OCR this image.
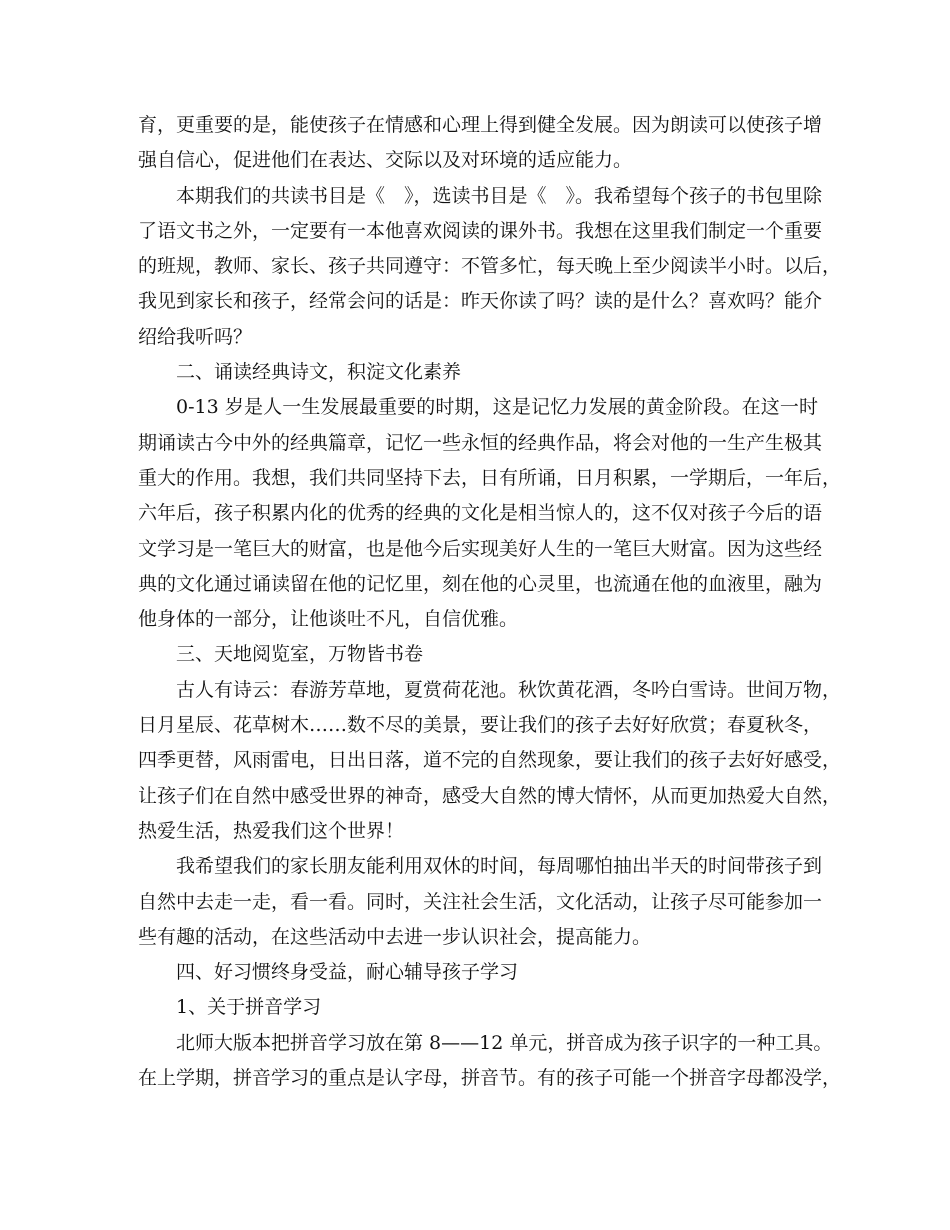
育，更重要的是，能使孩子在情感和心理上得到健全发展。因为朗读可以使孩子增
强自信心，促进他们在表达、交际以及对环境的适应能力。
本期我们的共读书目是《　》，选读书目是《　》。我希望每个孩子的书包里除
了语文书之外，一定要有一本他喜欢阅读的课外书。我想在这里我们制定一个重要
的班规，教师、家长、孩子共同遵守：不管多忙，每天晚上至少阅读半小时。以后，
我见到家长和孩子，经常会问的话是：昨天你读了吗？读的是什么？喜欢吗？能介
绍给我听吗？
二、诵读经典诗文，积淀文化素养
0-13 岁是人一生发展最重要的时期，这是记忆力发展的黄金阶段。在这一时
期诵读古今中外的经典篇章，记忆一些永恒的经典作品，将会对他的一生产生极其
重大的作用。我想，我们共同坚持下去，日有所诵，日月积累，一学期后，一年后，
六年后，孩子积累内化的优秀的经典的文化是相当惊人的，这不仅对孩子今后的语
文学习是一笔巨大的财富，也是他今后实现美好人生的一笔巨大财富。因为这些经
典的文化通过诵读留在他的记忆里，刻在他的心灵里，也流通在他的血液里，融为
他身体的一部分，让他谈吐不凡，自信优雅。
三、天地阅览室，万物皆书卷
古人有诗云：春游芳草地，夏赏荷花池。秋饮黄花酒，冬吟白雪诗。世间万物，
日月星辰、花草树木……数不尽的美景，要让我们的孩子去好好欣赏；春夏秋冬，
四季更替，风雨雷电，日出日落，道不完的自然现象，要让我们的孩子去好好感受，
让孩子们在自然中感受世界的神奇，感受大自然的博大情怀，从而更加热爱大自然，
热爱生活，热爱我们这个世界！
我希望我们的家长朋友能利用双休的时间，每周哪怕抽出半天的时间带孩子到
自然中去走一走，看一看。同时，关注社会生活，文化活动，让孩子尽可能参加一
些有趣的活动，在这些活动中去进一步认识社会，提高能力。
四、好习惯终身受益，耐心辅导孩子学习
1、关于拼音学习
北师大版本把拼音学习放在第 8——12 单元，拼音成为孩子识字的一种工具。
在上学期，拼音学习的重点是认字母，拼音节。有的孩子可能一个拼音字母都没学，
